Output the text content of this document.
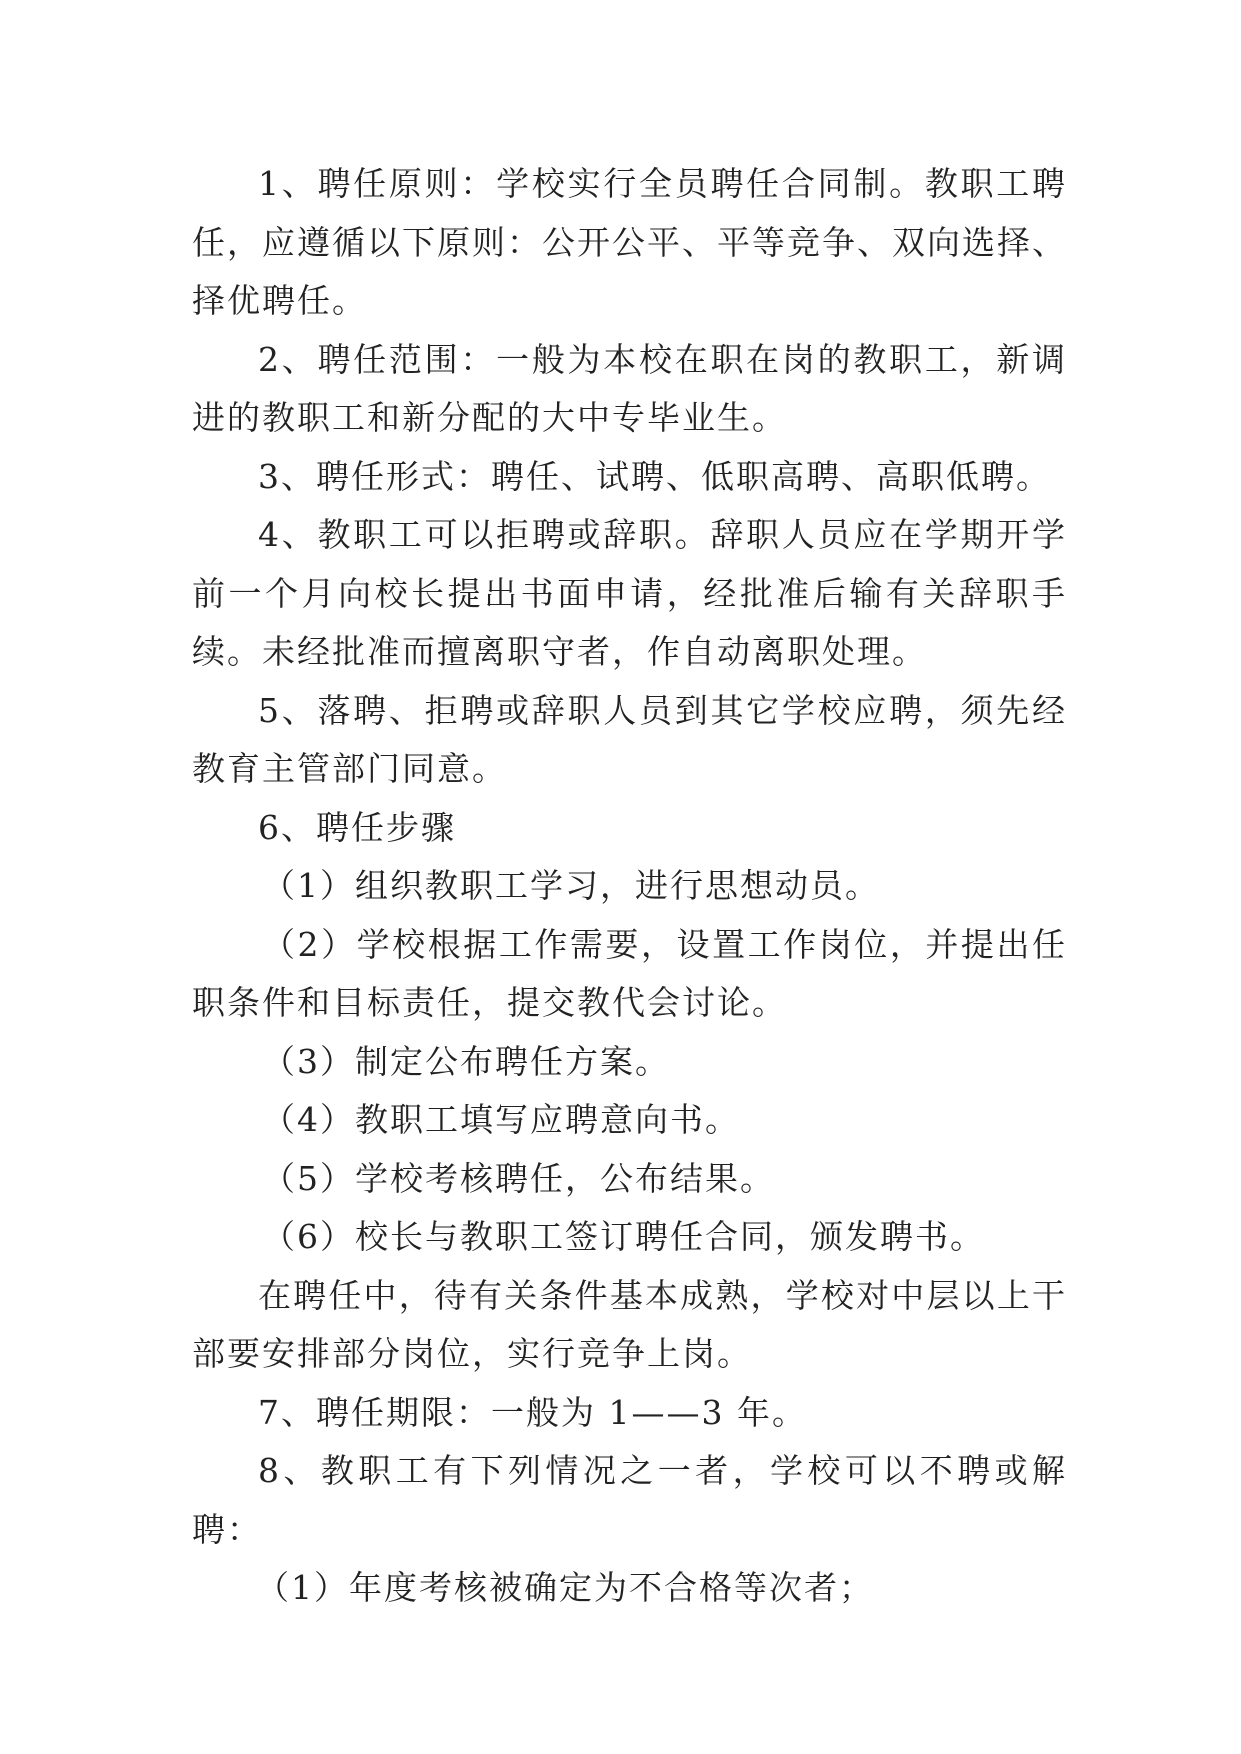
1、聘任原则：学校实行全员聘任合同制。教职工聘任，应遵循以下原则：公开公平、平等竞争、双向选择、择优聘任。

2、聘任范围：一般为本校在职在岗的教职工，新调进的教职工和新分配的大中专毕业生。

3、聘任形式：聘任、试聘、低职高聘、高职低聘。

4、教职工可以拒聘或辞职。辞职人员应在学期开学前一个月向校长提出书面申请，经批准后输有关辞职手续。未经批准而擅离职守者，作自动离职处理。

5、落聘、拒聘或辞职人员到其它学校应聘，须先经教育主管部门同意。

6、聘任步骤

（1）组织教职工学习，进行思想动员。

（2）学校根据工作需要，设置工作岗位，并提出任职条件和目标责任，提交教代会讨论。

（3）制定公布聘任方案。

（4）教职工填写应聘意向书。

（5）学校考核聘任，公布结果。

（6）校长与教职工签订聘任合同，颁发聘书。

在聘任中，待有关条件基本成熟，学校对中层以上干部要安排部分岗位，实行竞争上岗。

7、聘任期限：一般为 1——3 年。

8、教职工有下列情况之一者，学校可以不聘或解聘：

（1）年度考核被确定为不合格等次者；
